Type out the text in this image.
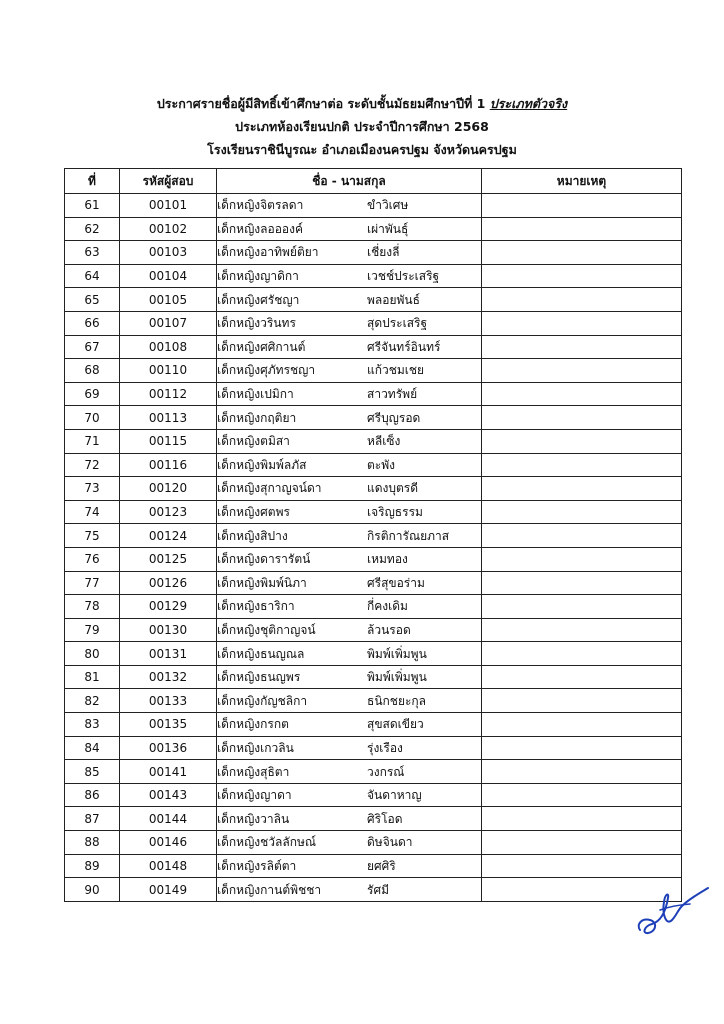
ประกาศรายชื่อผู้มีสิทธิ์เข้าศึกษาต่อ ระดับชั้นมัธยมศึกษาปีที่ 1 ประเภทตัวจริง
ประเภทห้องเรียนปกติ ประจำปีการศึกษา 2568
โรงเรียนราชินีบูรณะ อำเภอเมืองนครปฐม จังหวัดนครปฐม
ที่	รหัสผู้สอบ	ชื่อ - นามสกุล	หมายเหตุ
61	00101	เด็กหญิงจิตรลดา ขำวิเศษ	
62	00102	เด็กหญิงลออองค์ เผ่าพันธุ์	
63	00103	เด็กหญิงอาทิพย์ติยา เชี่ยงลี่	
64	00104	เด็กหญิงญาดิกา เวชช์ประเสริฐ	
65	00105	เด็กหญิงศรัชญา พลอยพันธ์	
66	00107	เด็กหญิงวรินทร สุดประเสริฐ	
67	00108	เด็กหญิงศศิกานต์ ศรีจันทร์อินทร์	
68	00110	เด็กหญิงศุภัทรชญา แก้วชมเชย	
69	00112	เด็กหญิงเปมิกา สาวทรัพย์	
70	00113	เด็กหญิงกฤติยา ศรีบุญรอด	
71	00115	เด็กหญิงตมิสา หลีเซ็ง	
72	00116	เด็กหญิงพิมพ์ลภัส ตะพัง	
73	00120	เด็กหญิงสุกาญจน์ดา แดงบุตรดี	
74	00123	เด็กหญิงศตพร เจริญธรรม	
75	00124	เด็กหญิงสิปาง กิรติการัณยภาส	
76	00125	เด็กหญิงดารารัตน์ เหมทอง	
77	00126	เด็กหญิงพิมพ์นิภา ศรีสุขอร่าม	
78	00129	เด็กหญิงธาริกา กี่คงเดิม	
79	00130	เด็กหญิงชุติกาญจน์ ล้วนรอด	
80	00131	เด็กหญิงธนญณล พิมพ์เพิ่มพูน	
81	00132	เด็กหญิงธนญพร พิมพ์เพิ่มพูน	
82	00133	เด็กหญิงกัญชลิกา ธนิกชยะกุล	
83	00135	เด็กหญิงกรกต สุขสดเขียว	
84	00136	เด็กหญิงเกวลิน รุ่งเรือง	
85	00141	เด็กหญิงสุธิตา วงกรณ์	
86	00143	เด็กหญิงญาดา จันดาหาญ	
87	00144	เด็กหญิงวาลิน ศิริโอด	
88	00146	เด็กหญิงชวัลลักษณ์ ดิษจินดา	
89	00148	เด็กหญิงรลิต์ตา ยศศิริ	
90	00149	เด็กหญิงกานต์พิชชา รัศมี	
